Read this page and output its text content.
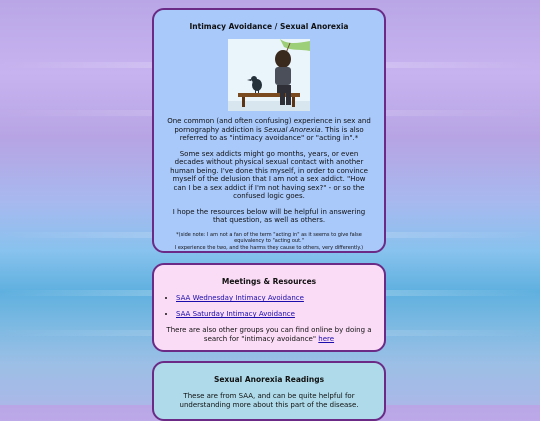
Intimacy Avoidance / Sexual Anorexia

One common (and often confusing) experience in sex and pornography addiction is Sexual Anorexia. This is also referred to as "intimacy avoidance" or "acting in".*

Some sex addicts might go months, years, or even decades without physical sexual contact with another human being. I've done this myself, in order to convince myself of the delusion that I am not a sex addict. "How can I be a sex addict if I'm not having sex?" - or so the confused logic goes.

I hope the resources below will be helpful in answering that question, as well as others.

*(side note: I am not a fan of the term "acting in" as it seems to give false equivalency to "acting out."
I experience the two, and the harms they cause to others, very differently.)

Meetings & Resources
• SAA Wednesday Intimacy Avoidance
• SAA Saturday Intimacy Avoidance

There are also other groups you can find online by doing a search for "intimacy avoidance" here

Sexual Anorexia Readings

These are from SAA, and can be quite helpful for understanding more about this part of the disease.
